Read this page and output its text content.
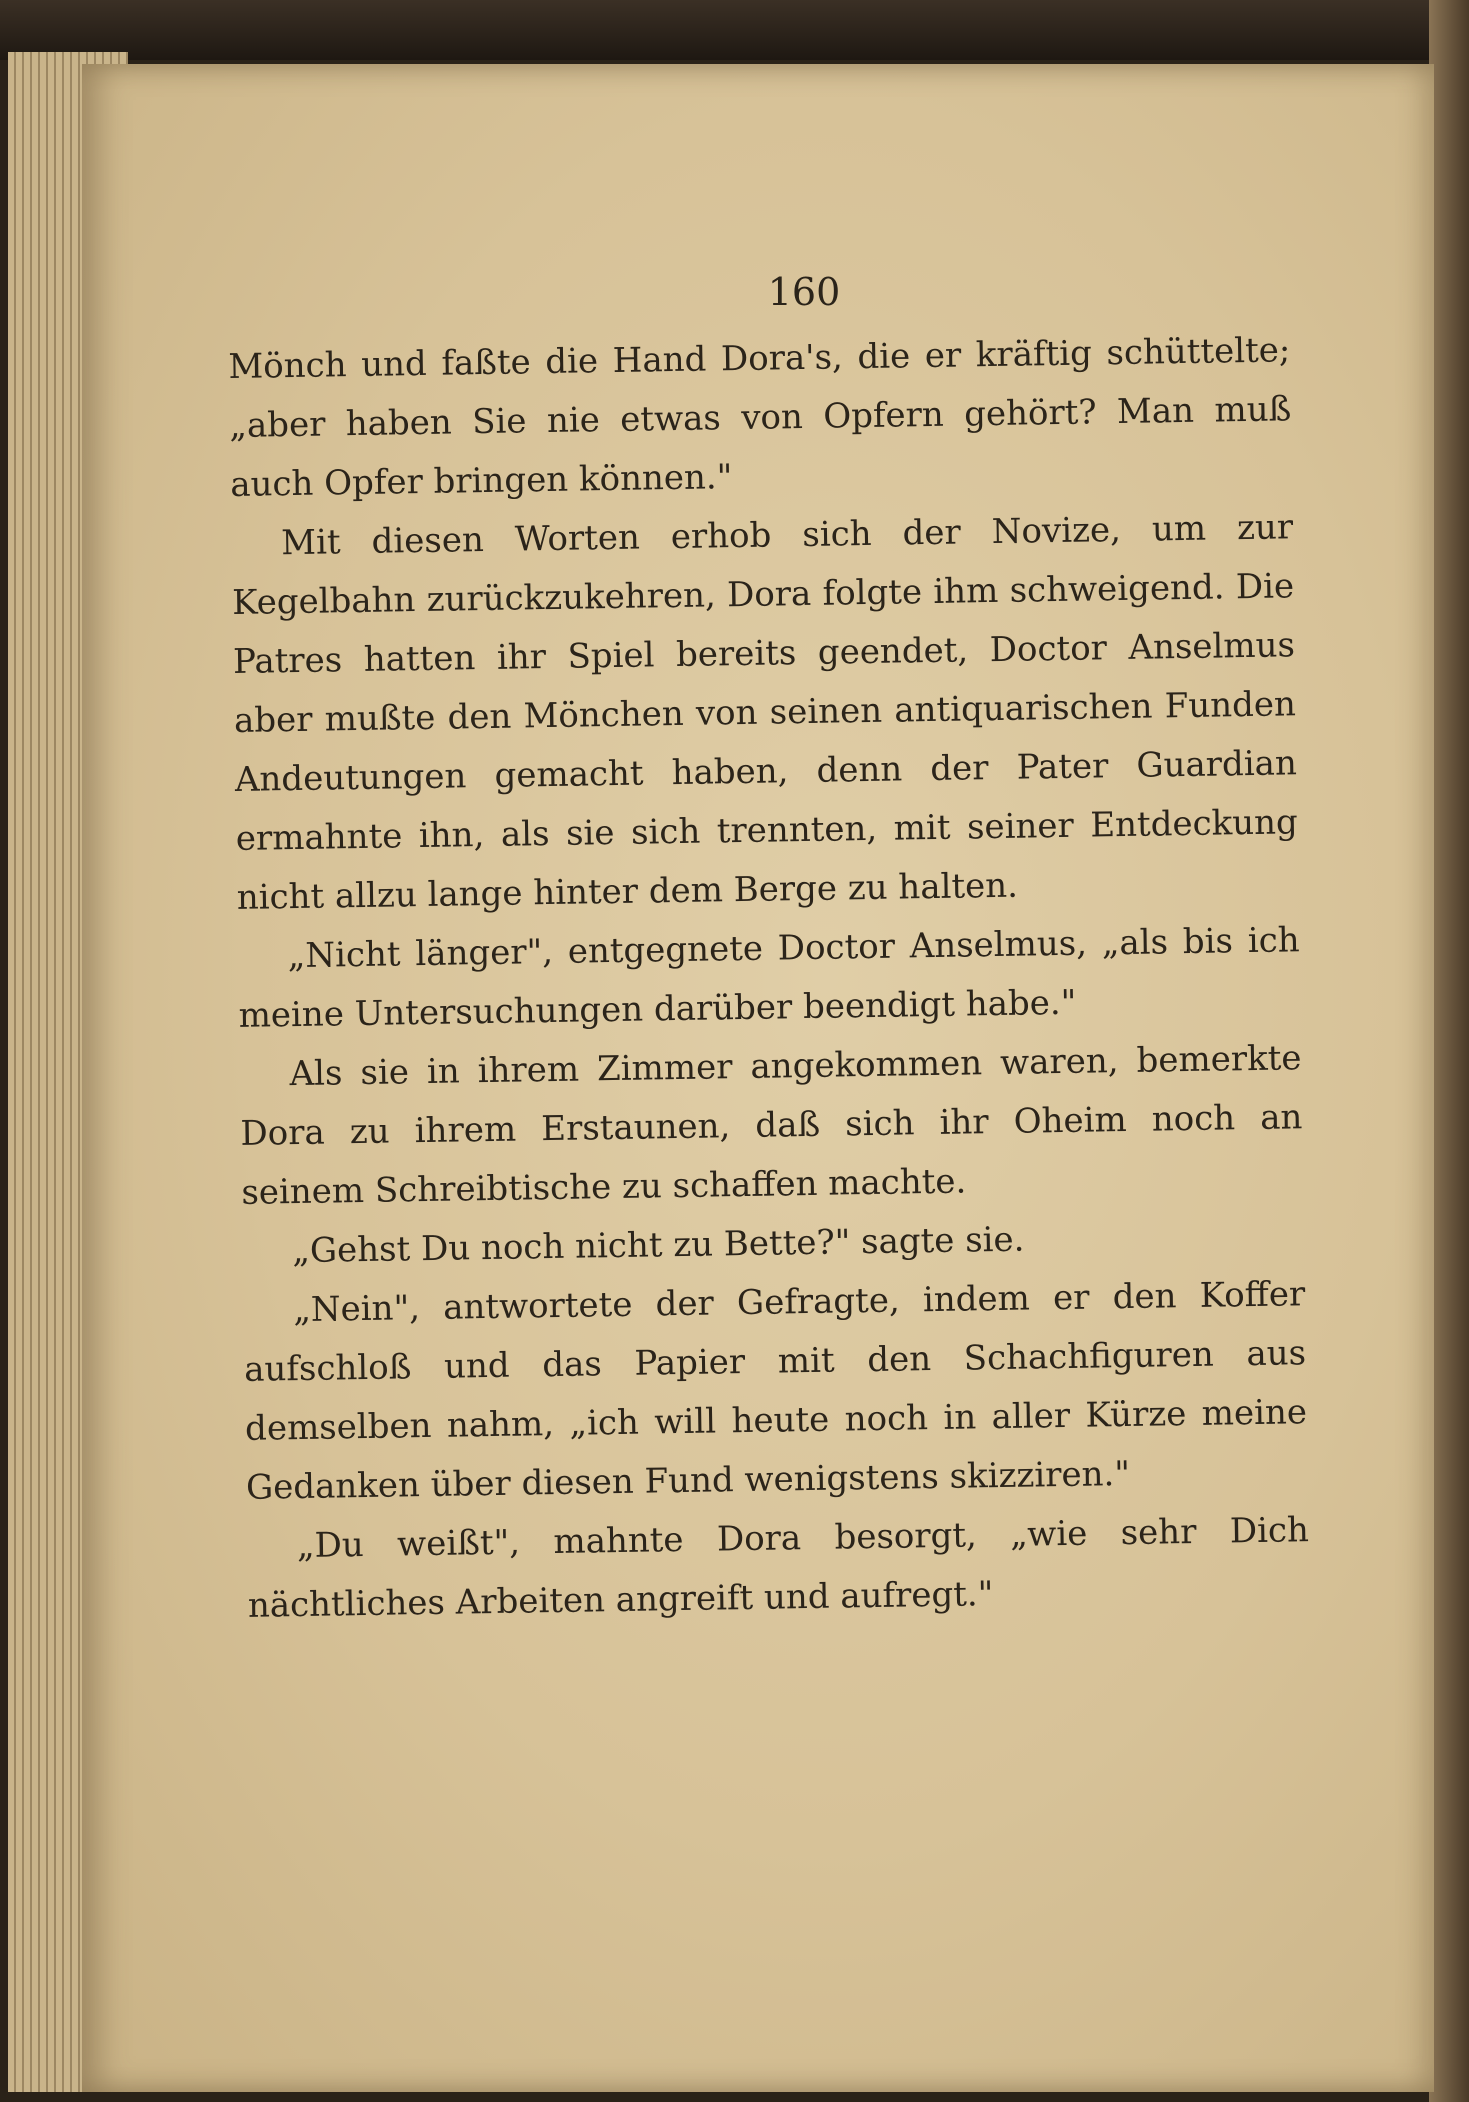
160

Mönch und faßte die Hand Dora's, die er kräftig schüttelte; „aber haben Sie nie etwas von Opfern gehört? Man muß auch Opfer bringen können."

Mit diesen Worten erhob sich der Novize, um zur Kegelbahn zurückzukehren, Dora folgte ihm schweigend. Die Patres hatten ihr Spiel bereits geendet, Doctor Anselmus aber mußte den Mönchen von seinen antiquarischen Funden Andeutungen gemacht haben, denn der Pater Guardian ermahnte ihn, als sie sich trennten, mit seiner Entdeckung nicht allzu lange hinter dem Berge zu halten.

„Nicht länger", entgegnete Doctor Anselmus, „als bis ich meine Untersuchungen darüber beendigt habe."

Als sie in ihrem Zimmer angekommen waren, bemerkte Dora zu ihrem Erstaunen, daß sich ihr Oheim noch an seinem Schreibtische zu schaffen machte.

„Gehst Du noch nicht zu Bette?" sagte sie.

„Nein", antwortete der Gefragte, indem er den Koffer aufschloß und das Papier mit den Schachfiguren aus demselben nahm, „ich will heute noch in aller Kürze meine Gedanken über diesen Fund wenigstens skizziren."

„Du weißt", mahnte Dora besorgt, „wie sehr Dich nächtliches Arbeiten angreift und aufregt."
